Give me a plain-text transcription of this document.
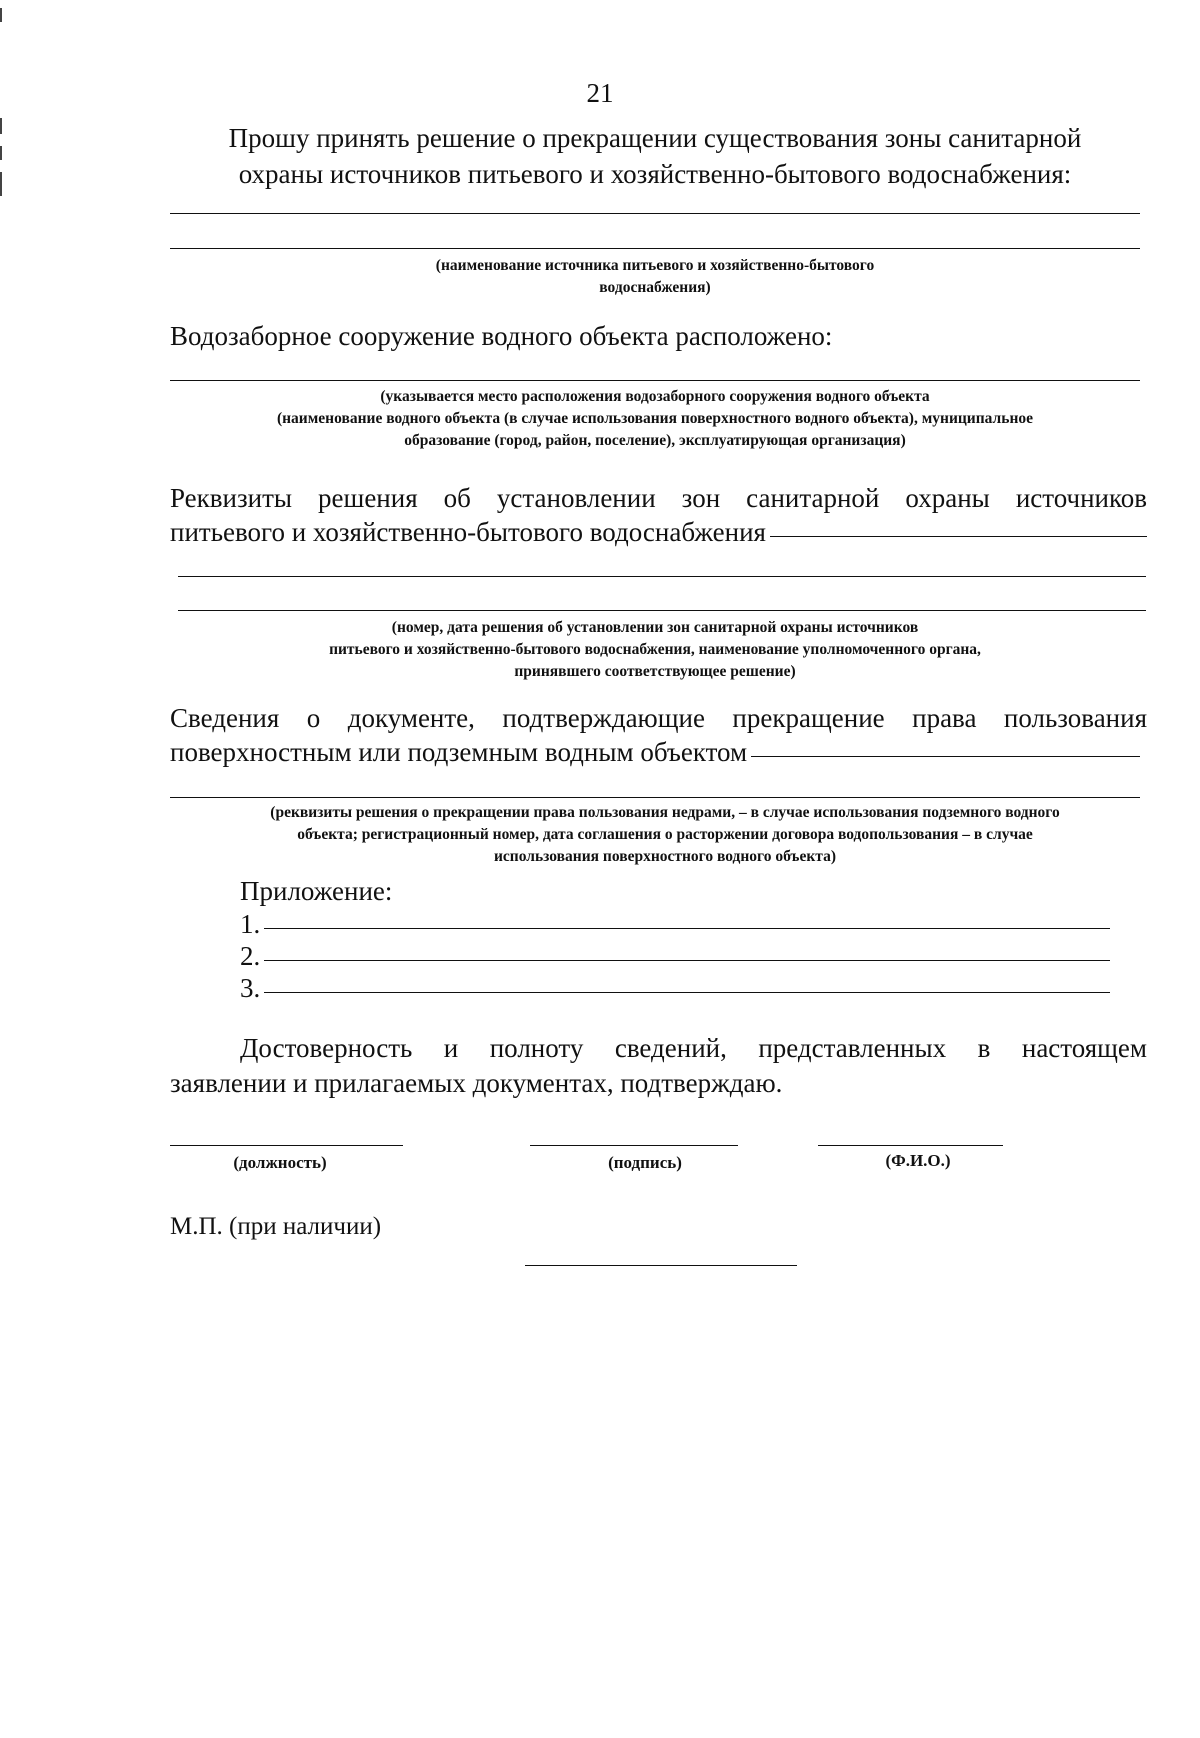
21
Прошу принять решение о прекращении существования зоны санитарной
охраны источников питьевого и хозяйственно-бытового водоснабжения:
(наименование источника питьевого и хозяйственно-бытового
водоснабжения)
Водозаборное сооружение водного объекта расположено:
(указывается место расположения водозаборного сооружения водного объекта
(наименование водного объекта (в случае использования поверхностного водного объекта), муниципальное
образование (город, район, поселение), эксплуатирующая организация)
Реквизиты решения об установлении зон санитарной охраны источников
питьевого и хозяйственно-бытового водоснабжения
(номер, дата решения об установлении зон санитарной охраны источников
питьевого и хозяйственно-бытового водоснабжения, наименование уполномоченного органа,
принявшего соответствующее решение)
Сведения о документе, подтверждающие прекращение права пользования
поверхностным или подземным водным объектом
(реквизиты решения о прекращении права пользования недрами, – в случае использования подземного водного
объекта; регистрационный номер, дата соглашения о расторжении договора водопользования – в случае
использования поверхностного водного объекта)
Приложение:
1.
2.
3.
Достоверность и полноту сведений, представленных в настоящем
заявлении и прилагаемых документах, подтверждаю.
(должность)	(подпись)	(Ф.И.О.)
М.П. (при наличии)
